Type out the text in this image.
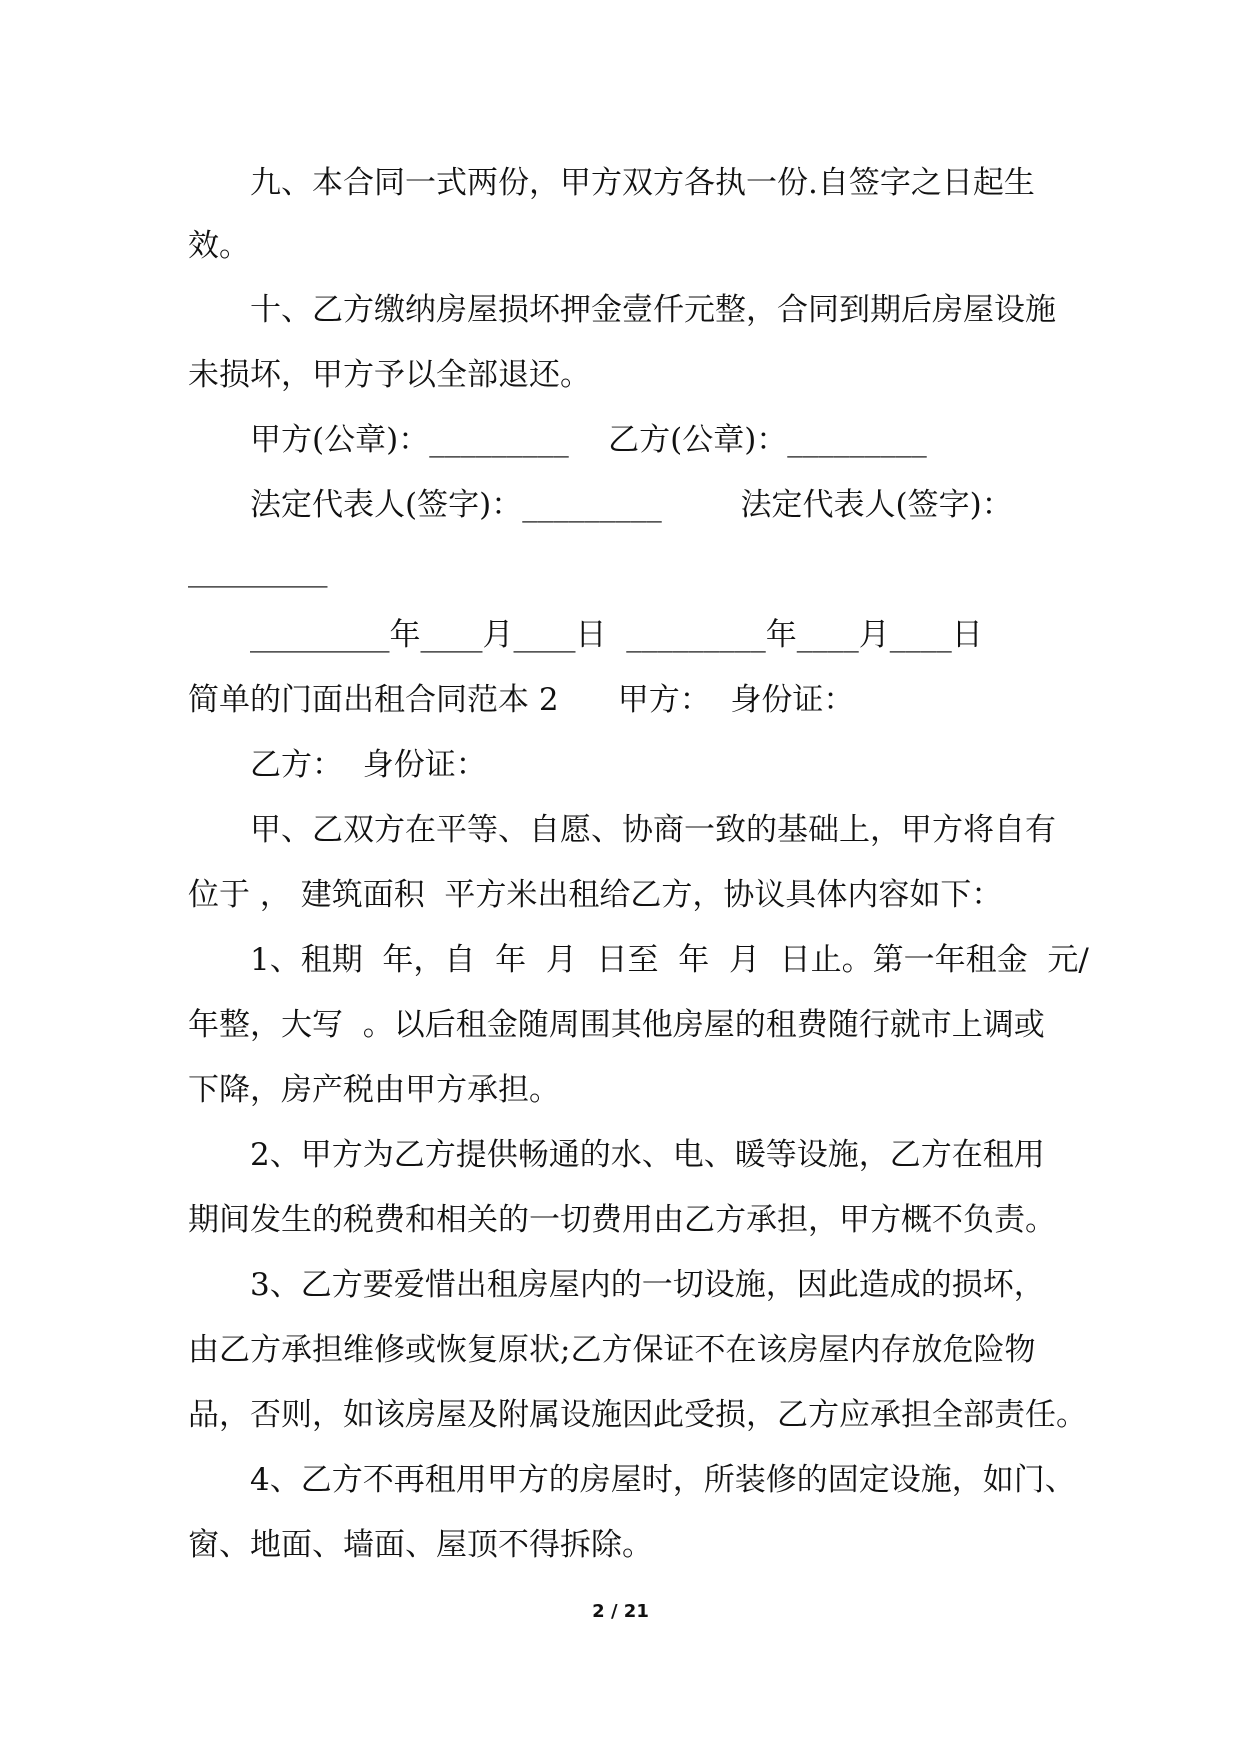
九、本合同一式两份，甲方双方各执一份.自签字之日起生
效。
十、乙方缴纳房屋损坏押金壹仟元整，合同到期后房屋设施
未损坏，甲方予以全部退还。
甲方(公章)：_________    乙方(公章)：_________
法定代表人(签字)：_________        法定代表人(签字)：
_________
_________年____月____日  _________年____月____日
简单的门面出租合同范本 2      甲方：  身份证：
乙方：  身份证：
甲、乙双方在平等、自愿、协商一致的基础上，甲方将自有
位于 ， 建筑面积  平方米出租给乙方，协议具体内容如下：
1、租期  年，自  年  月  日至  年  月  日止。第一年租金  元/
年整，大写  。以后租金随周围其他房屋的租费随行就市上调或
下降，房产税由甲方承担。
2、甲方为乙方提供畅通的水、电、暖等设施，乙方在租用
期间发生的税费和相关的一切费用由乙方承担，甲方概不负责。
3、乙方要爱惜出租房屋内的一切设施，因此造成的损坏，
由乙方承担维修或恢复原状;乙方保证不在该房屋内存放危险物
品，否则，如该房屋及附属设施因此受损，乙方应承担全部责任。
4、乙方不再租用甲方的房屋时，所装修的固定设施，如门、
窗、地面、墙面、屋顶不得拆除。
2 / 21
